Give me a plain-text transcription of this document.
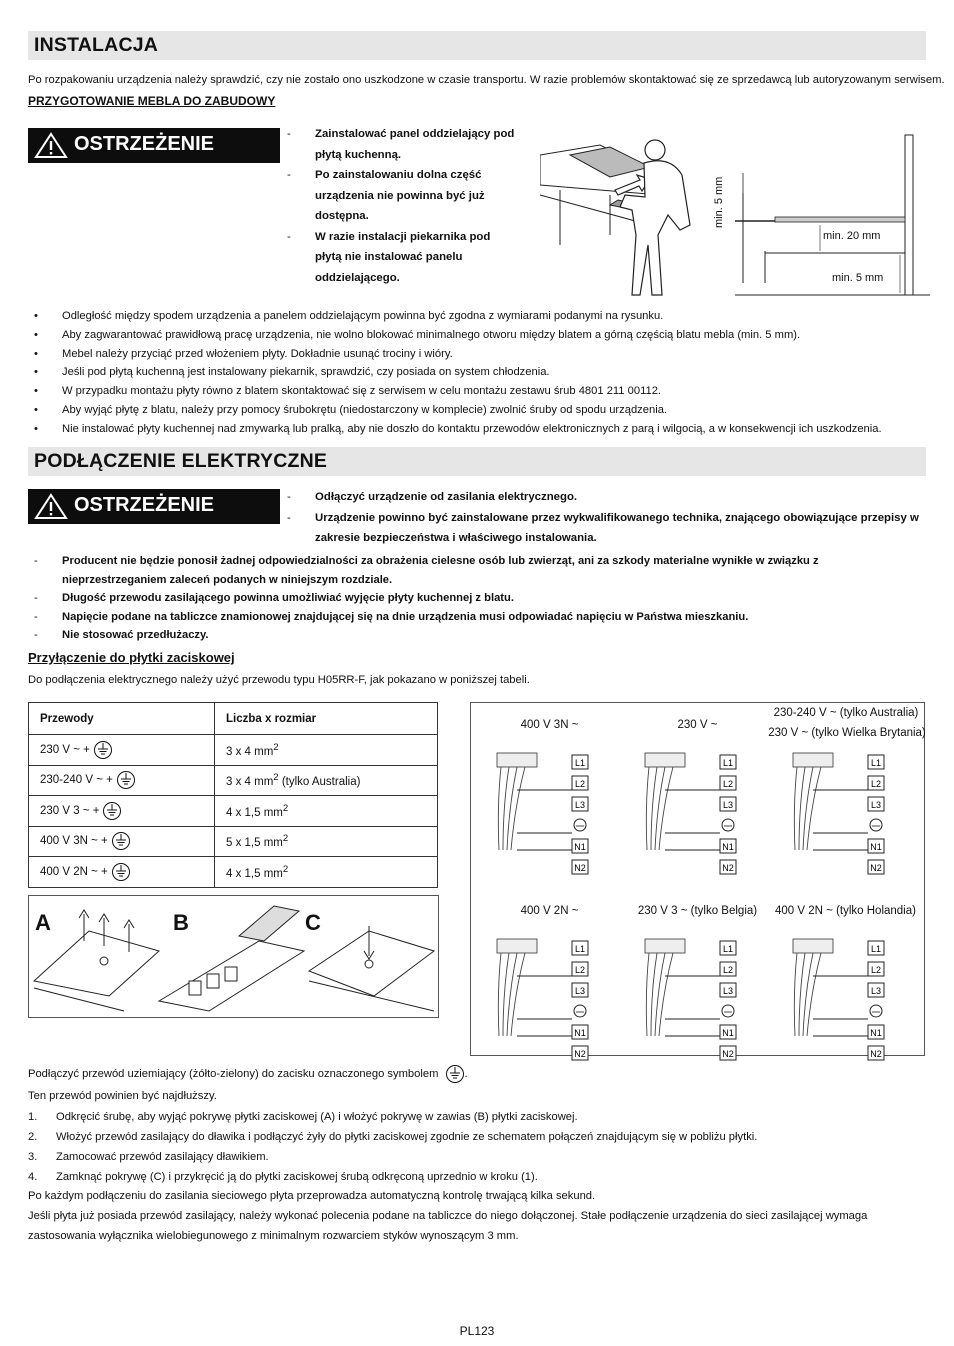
INSTALACJA
Po rozpakowaniu urządzenia należy sprawdzić, czy nie zostało ono uszkodzone w czasie transportu. W razie problemów skontaktować się ze sprzedawcą lub autoryzowanym serwisem.
PRZYGOTOWANIE MEBLA DO ZABUDOWY
OSTRZEŻENIE	- Zainstalować panel oddzielający pod płytą kuchenną.
- Po zainstalowaniu dolna część urządzenia nie powinna być już dostępna.
- W razie instalacji piekarnika pod płytą nie instalować panelu oddzielającego.
min. 5 mm
min. 20 mm
min. 5 mm
• Odległość między spodem urządzenia a panelem oddzielającym powinna być zgodna z wymiarami podanymi na rysunku.
• Aby zagwarantować prawidłową pracę urządzenia, nie wolno blokować minimalnego otworu między blatem a górną częścią blatu mebla (min. 5 mm).
• Mebel należy przyciąć przed włożeniem płyty. Dokładnie usunąć trociny i wióry.
• Jeśli pod płytą kuchenną jest instalowany piekarnik, sprawdzić, czy posiada on system chłodzenia.
• W przypadku montażu płyty równo z blatem skontaktować się z serwisem w celu montażu zestawu śrub 4801 211 00112.
• Aby wyjąć płytę z blatu, należy przy pomocy śrubokrętu (niedostarczony w komplecie) zwolnić śruby od spodu urządzenia.
• Nie instalować płyty kuchennej nad zmywarką lub pralką, aby nie doszło do kontaktu przewodów elektronicznych z parą i wilgocią, a w konsekwencji ich uszkodzenia.
PODŁĄCZENIE ELEKTRYCZNE
OSTRZEŻENIE	- Odłączyć urządzenie od zasilania elektrycznego.
- Urządzenie powinno być zainstalowane przez wykwalifikowanego technika, znającego obowiązujące przepisy w zakresie bezpieczeństwa i właściwego instalowania.
- Producent nie będzie ponosił żadnej odpowiedzialności za obrażenia cielesne osób lub zwierząt, ani za szkody materialne wynikłe w związku z nieprzestrzeganiem zaleceń podanych w niniejszym rozdziale.
- Długość przewodu zasilającego powinna umożliwiać wyjęcie płyty kuchennej z blatu.
- Napięcie podane na tabliczce znamionowej znajdującej się na dnie urządzenia musi odpowiadać napięciu w Państwa mieszkaniu.
- Nie stosować przedłużaczy.
Przyłączenie do płytki zaciskowej
Do podłączenia elektrycznego należy użyć przewodu typu H05RR-F, jak pokazano w poniższej tabeli.
Przewody	Liczba x rozmiar
230 V ~ +	3 x 4 $mm^2$
230-240 V ~ +	3 x 4 $mm^2$ (tylko Australia)
230 V 3 ~ +	4 x 1,5 $mm^2$
400 V 3N ~ +	5 x 1,5 $mm^2$
400 V 2N ~ +	4 x 1,5 $mm^2$
A	B	C
400 V 3N ~
L1
L2
L3
N1
N2
230 V ~
L1
L2
L3
N1
N2
230-240 V ~ (tylko Australia)
230 V ~ (tylko Wielka Brytania)
L1
L2
L3
N1
N2
400 V 2N ~
L1
L2
L3
N1
N2
230 V 3 ~ (tylko Belgia)
L1
L2
L3
N1
N2
400 V 2N ~ (tylko Holandia)
L1
L2
L3
N1
N2
Podłączyć przewód uziemiający (żółto-zielony) do zacisku oznaczonego symbolem .
Ten przewód powinien być najdłuższy.
1. Odkręcić śrubę, aby wyjąć pokrywę płytki zaciskowej (A) i włożyć pokrywę w zawias (B) płytki zaciskowej.
2. Włożyć przewód zasilający do dławika i podłączyć żyły do płytki zaciskowej zgodnie ze schematem połączeń znajdującym się w pobliżu płytki.
3. Zamocować przewód zasilający dławikiem.
4. Zamknąć pokrywę (C) i przykręcić ją do płytki zaciskowej śrubą odkręconą uprzednio w kroku (1).
Po każdym podłączeniu do zasilania sieciowego płyta przeprowadza automatyczną kontrolę trwającą kilka sekund.
Jeśli płyta już posiada przewód zasilający, należy wykonać polecenia podane na tabliczce do niego dołączonej. Stałe podłączenie urządzenia do sieci zasilającej wymaga zastosowania wyłącznika wielobiegunowego z minimalnym rozwarciem styków wynoszącym 3 mm.
PL123
